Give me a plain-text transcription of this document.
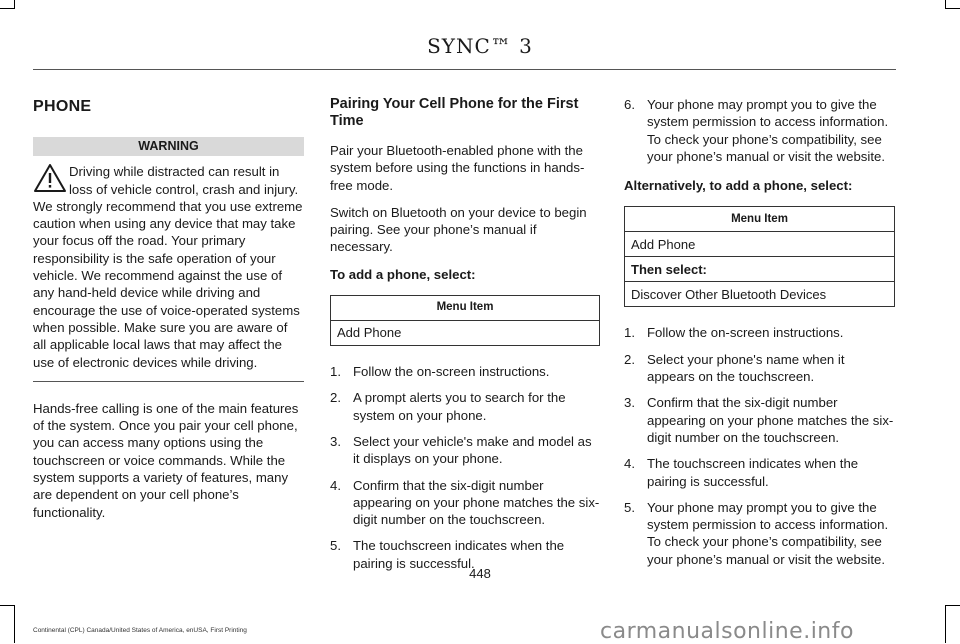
SYNC™ 3
PHONE
WARNING

Driving while distracted can result in loss of vehicle control, crash and injury.

We strongly recommend that you use extreme caution when using any device that may take your focus off the road. Your primary responsibility is the safe operation of your vehicle. We recommend against the use of any hand-held device while driving and encourage the use of voice-operated systems when possible. Make sure you are aware of all applicable local laws that may affect the use of electronic devices while driving.

Hands-free calling is one of the main features of the system. Once you pair your cell phone, you can access many options using the touchscreen or voice commands. While the system supports a variety of features, many are dependent on your cell phone’s functionality.

Pairing Your Cell Phone for the First Time

Pair your Bluetooth-enabled phone with the system before using the functions in hands-free mode.

Switch on Bluetooth on your device to begin pairing. See your phone’s manual if necessary.

To add a phone, select:

Menu Item
Add Phone
1. Follow the on-screen instructions.
2. A prompt alerts you to search for the system on your phone.
3. Select your vehicle's make and model as it displays on your phone.
4. Confirm that the six-digit number appearing on your phone matches the six-digit number on the touchscreen.
5. The touchscreen indicates when the pairing is successful.
6. Your phone may prompt you to give the system permission to access information. To check your phone’s compatibility, see your phone’s manual or visit the website.

Alternatively, to add a phone, select:

Menu Item
Add Phone
Then select:
Discover Other Bluetooth Devices
1. Follow the on-screen instructions.
2. Select your phone's name when it appears on the touchscreen.
3. Confirm that the six-digit number appearing on your phone matches the six-digit number on the touchscreen.
4. The touchscreen indicates when the pairing is successful.
5. Your phone may prompt you to give the system permission to access information. To check your phone’s compatibility, see your phone’s manual or visit the website.
448
Continental (CPL) Canada/United States of America, enUSA, First Printing	carmanualsonline.info
